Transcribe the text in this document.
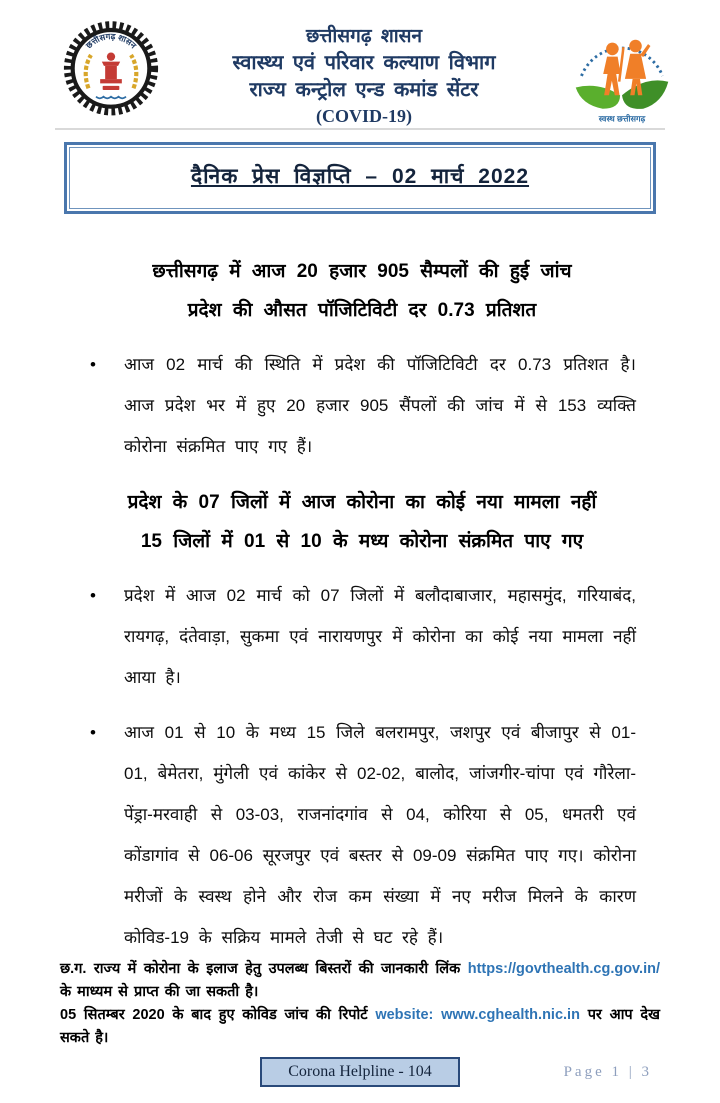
छत्तीसगढ़ शासन	छत्तीसगढ़ शासन
स्वास्थ्य एवं परिवार कल्याण विभाग
राज्य कन्ट्रोल एन्ड कमांड सेंटर
(COVID-19)	स्वस्थ छत्तीसगढ़
दैनिक प्रेस विज्ञप्ति – 02 मार्च 2022
छत्तीसगढ़ में आज 20 हजार 905 सैम्पलों की हुई जांच
प्रदेश की औसत पॉजिटिविटी दर 0.73 प्रतिशत
•	आज 02 मार्च की स्थिति में प्रदेश की पॉजिटिविटी दर 0.73 प्रतिशत है। आज प्रदेश भर में हुए 20 हजार 905 सैंपलों की जांच में से 153 व्यक्ति कोरोना संक्रमित पाए गए हैं।

प्रदेश के 07 जिलों में आज कोरोना का कोई नया मामला नहीं
15 जिलों में 01 से 10 के मध्य कोरोना संक्रमित पाए गए
•	प्रदेश में आज 02 मार्च को 07 जिलों में बलौदाबाजार, महासमुंद, गरियाबंद, रायगढ़, दंतेवाड़ा, सुकमा एवं नारायणपुर में कोरोना का कोई नया मामला नहीं आया है।

•	आज 01 से 10 के मध्य 15 जिले बलरामपुर, जशपुर एवं बीजापुर से 01-01, बेमेतरा, मुंगेली एवं कांकेर से 02-02, बालोद, जांजगीर-चांपा एवं गौरेला-पेंड्रा-मरवाही से 03-03, राजनांदगांव से 04, कोरिया से 05, धमतरी एवं कोंडागांव से 06-06 सूरजपुर एवं बस्तर से 09-09 संक्रमित पाए गए। कोरोना मरीजों के स्वस्थ होने और रोज कम संख्या में नए मरीज मिलने के कारण कोविड-19 के सक्रिय मामले तेजी से घट रहे हैं।

छ.ग. राज्य में कोरोना के इलाज हेतु उपलब्ध बिस्तरों की जानकारी लिंक https://govthealth.cg.gov.in/ के माध्यम से प्राप्त की जा सकती है।

05 सितम्बर 2020 के बाद हुए कोविड जांच की रिपोर्ट website: www.cghealth.nic.in पर आप देख सकते है।

Corona Helpline - 104	Page 1 | 3
